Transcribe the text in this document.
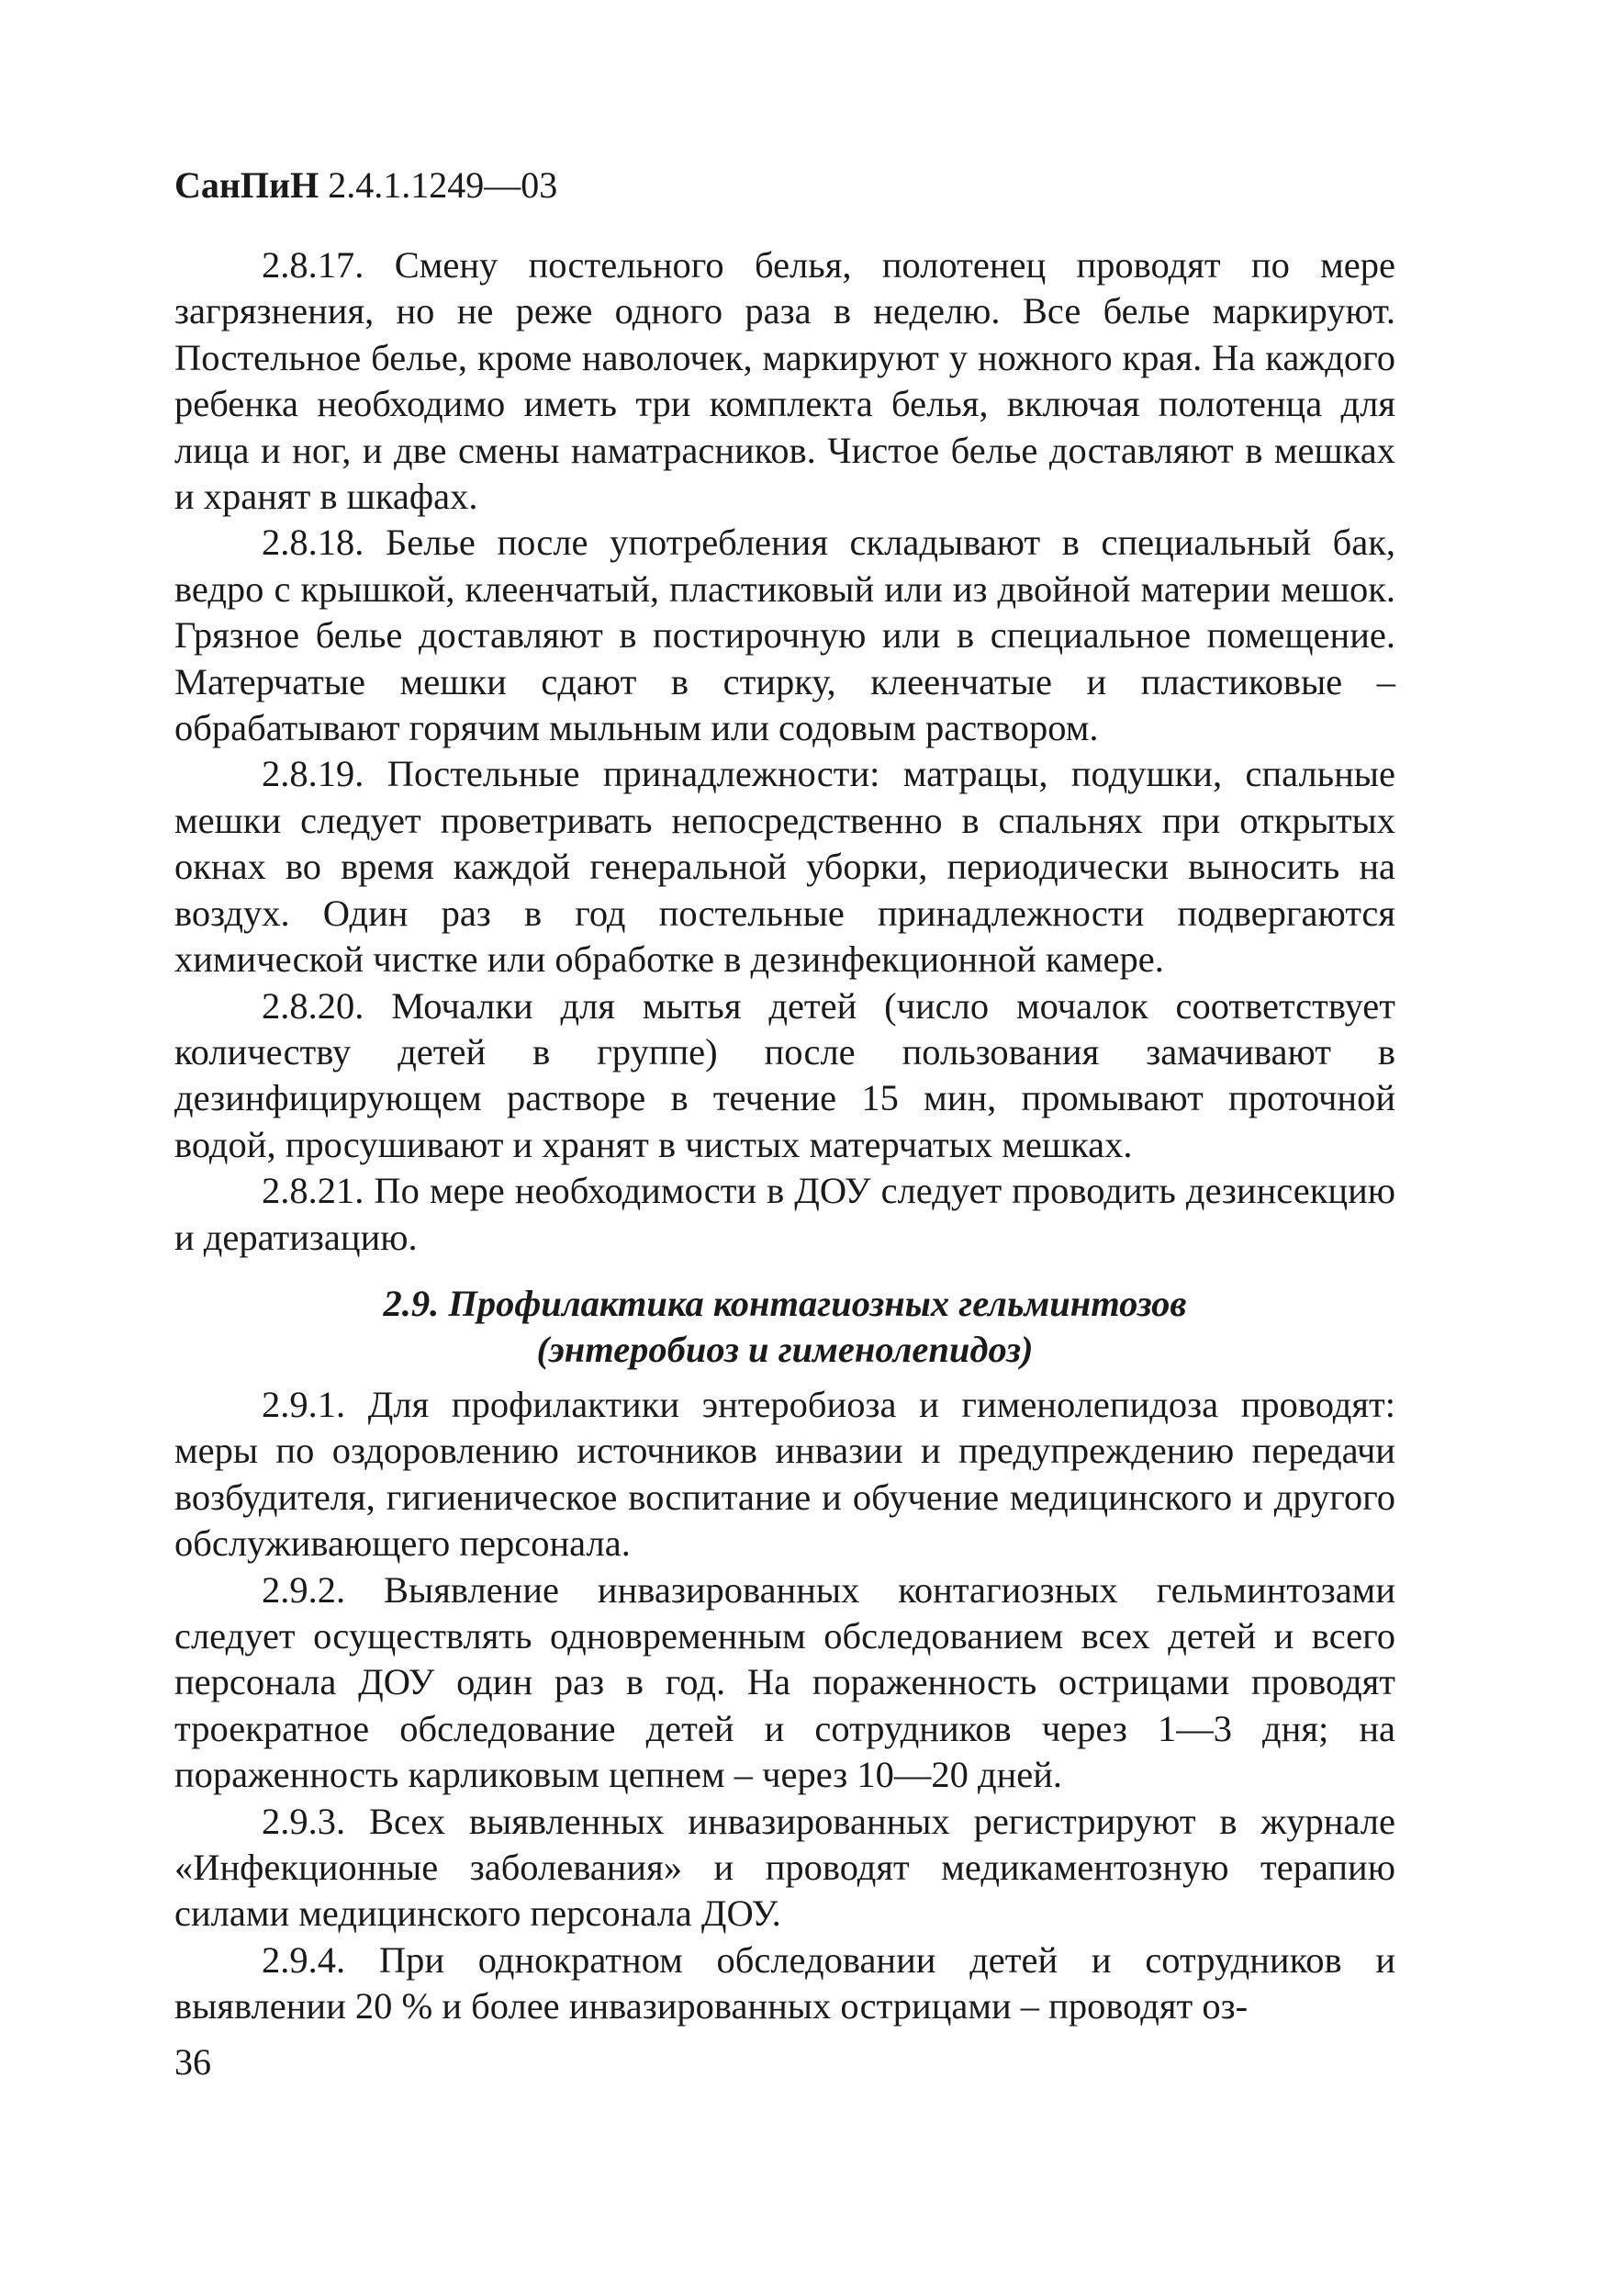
СанПиН 2.4.1.1249—03

2.8.17. Смену постельного белья, полотенец проводят по мере загрязнения, но не реже одного раза в неделю. Все белье маркируют. Постельное белье, кроме наволочек, маркируют у ножного края. На каждого ребенка необходимо иметь три комплекта белья, включая полотенца для лица и ног, и две смены наматрасников. Чистое белье доставляют в мешках и хранят в шкафах.

2.8.18. Белье после употребления складывают в специальный бак, ведро с крышкой, клеенчатый, пластиковый или из двойной материи мешок. Грязное белье доставляют в постирочную или в специальное помещение. Матерчатые мешки сдают в стирку, клеенчатые и пластиковые – обрабатывают горячим мыльным или содовым раствором.

2.8.19. Постельные принадлежности: матрацы, подушки, спальные мешки следует проветривать непосредственно в спальнях при открытых окнах во время каждой генеральной уборки, периодически выносить на воздух. Один раз в год постельные принадлежности подвергаются химической чистке или обработке в дезинфекционной камере.

2.8.20. Мочалки для мытья детей (число мочалок соответствует количеству детей в группе) после пользования замачивают в дезинфицирующем растворе в течение 15 мин, промывают проточной водой, просушивают и хранят в чистых матерчатых мешках.

2.8.21. По мере необходимости в ДОУ следует проводить дезинсекцию и дератизацию.

2.9. Профилактика контагиозных гельминтозов
(энтеробиоз и гименолепидоз)

2.9.1. Для профилактики энтеробиоза и гименолепидоза проводят: меры по оздоровлению источников инвазии и предупреждению передачи возбудителя, гигиеническое воспитание и обучение медицинского и другого обслуживающего персонала.

2.9.2. Выявление инвазированных контагиозных гельминтозами следует осуществлять одновременным обследованием всех детей и всего персонала ДОУ один раз в год. На пораженность острицами проводят троекратное обследование детей и сотрудников через 1—3 дня; на пораженность карликовым цепнем – через 10—20 дней.

2.9.3. Всех выявленных инвазированных регистрируют в журнале «Инфекционные заболевания» и проводят медикаментозную терапию силами медицинского персонала ДОУ.

2.9.4. При однократном обследовании детей и сотрудников и выявлении 20 % и более инвазированных острицами – проводят оз-

36
